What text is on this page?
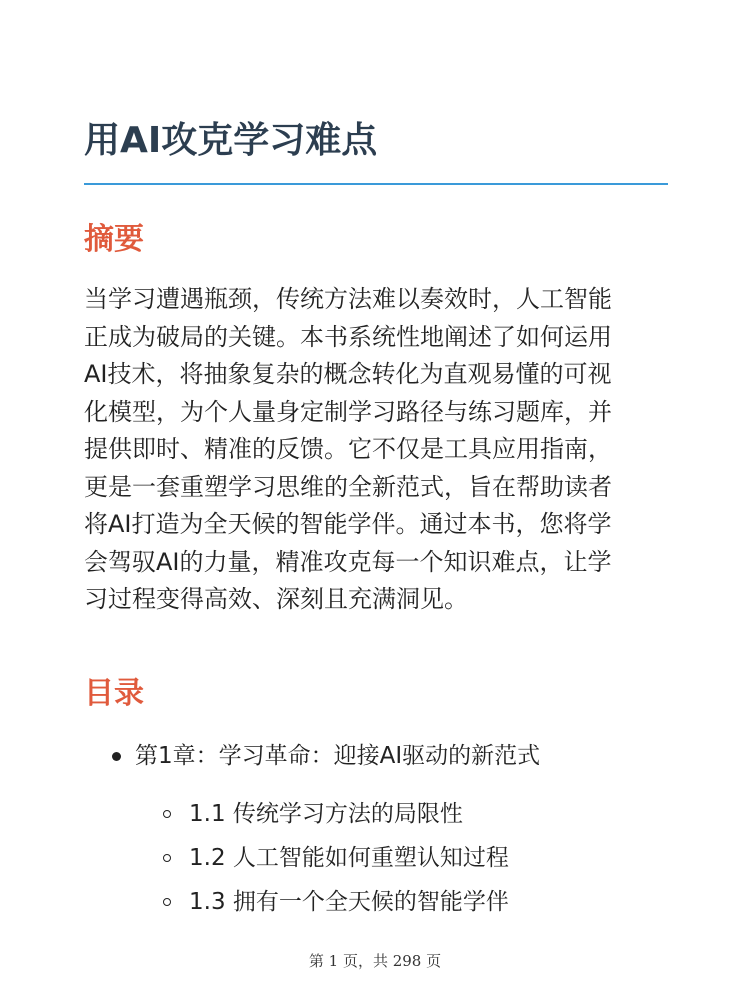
用AI攻克学习难点
摘要
当学习遭遇瓶颈，传统方法难以奏效时，人工智能
正成为破局的关键。本书系统性地阐述了如何运用
AI技术，将抽象复杂的概念转化为直观易懂的可视
化模型，为个人量身定制学习路径与练习题库，并
提供即时、精准的反馈。它不仅是工具应用指南，
更是一套重塑学习思维的全新范式，旨在帮助读者
将AI打造为全天候的智能学伴。通过本书，您将学
会驾驭AI的力量，精准攻克每一个知识难点，让学
习过程变得高效、深刻且充满洞见。
目录
第1章：学习革命：迎接AI驱动的新范式
1.1 传统学习方法的局限性
1.2 人工智能如何重塑认知过程
1.3 拥有一个全天候的智能学伴
第 1 页，共 298 页
